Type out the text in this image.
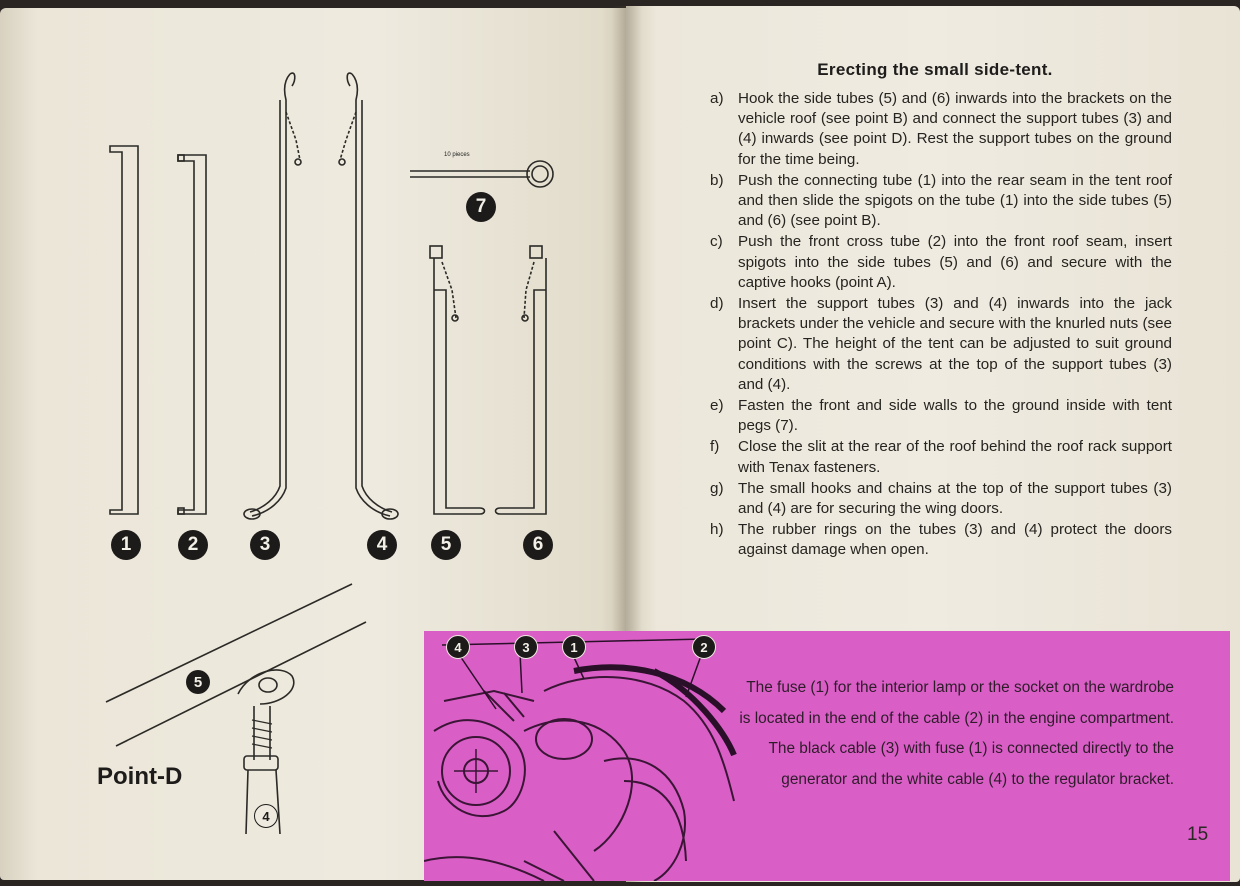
1	2	3	4	5	6
7
10 pieces
5
4
Point-D
Erecting the small side-tent.
a) Hook the side tubes (5) and (6) inwards into the brackets on the vehicle roof (see point B) and connect the support tubes (3) and (4) inwards (see point D). Rest the support tubes on the ground for the time being.
b) Push the connecting tube (1) into the rear seam in the tent roof and then slide the spigots on the tube (1) into the side tubes (5) and (6) (see point B).
c) Push the front cross tube (2) into the front roof seam, insert spigots into the side tubes (5) and (6) and secure with the captive hooks (point A).
d) Insert the support tubes (3) and (4) inwards into the jack brackets under the vehicle and secure with the knurled nuts (see point C). The height of the tent can be adjusted to suit ground conditions with the screws at the top of the support tubes (3) and (4).
e) Fasten the front and side walls to the ground inside with tent pegs (7).
f) Close the slit at the rear of the roof behind the roof rack support with Tenax fasteners.
g) The small hooks and chains at the top of the support tubes (3) and (4) are for securing the wing doors.
h) The rubber rings on the tubes (3) and (4) protect the doors against damage when open.
4	3	1	2
The fuse (1) for the interior lamp or the socket on the wardrobe is located in the end of the cable (2) in the engine compartment. The black cable (3) with fuse (1) is connected directly to the generator and the white cable (4) to the regulator bracket.
15
